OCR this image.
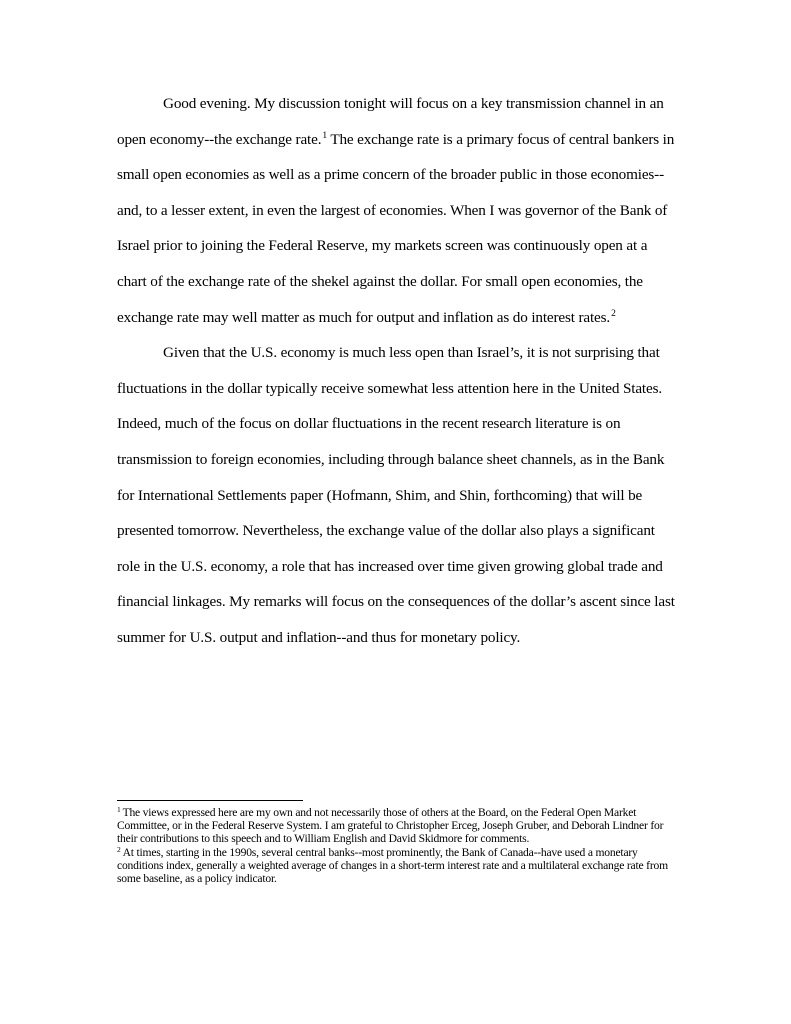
Good evening. My discussion tonight will focus on a key transmission channel in an open economy--the exchange rate.$^1$ The exchange rate is a primary focus of central bankers in small open economies as well as a prime concern of the broader public in those economies--and, to a lesser extent, in even the largest of economies. When I was governor of the Bank of Israel prior to joining the Federal Reserve, my markets screen was continuously open at a chart of the exchange rate of the shekel against the dollar. For small open economies, the exchange rate may well matter as much for output and inflation as do interest rates.$^2$

Given that the U.S. economy is much less open than Israel’s, it is not surprising that fluctuations in the dollar typically receive somewhat less attention here in the United States. Indeed, much of the focus on dollar fluctuations in the recent research literature is on transmission to foreign economies, including through balance sheet channels, as in the Bank for International Settlements paper (Hofmann, Shim, and Shin, forthcoming) that will be presented tomorrow. Nevertheless, the exchange value of the dollar also plays a significant role in the U.S. economy, a role that has increased over time given growing global trade and financial linkages. My remarks will focus on the consequences of the dollar’s ascent since last summer for U.S. output and inflation--and thus for monetary policy.

$^1$ The views expressed here are my own and not necessarily those of others at the Board, on the Federal Open Market Committee, or in the Federal Reserve System. I am grateful to Christopher Erceg, Joseph Gruber, and Deborah Lindner for their contributions to this speech and to William English and David Skidmore for comments.

$^2$ At times, starting in the 1990s, several central banks--most prominently, the Bank of Canada--have used a monetary conditions index, generally a weighted average of changes in a short-term interest rate and a multilateral exchange rate from some baseline, as a policy indicator.
